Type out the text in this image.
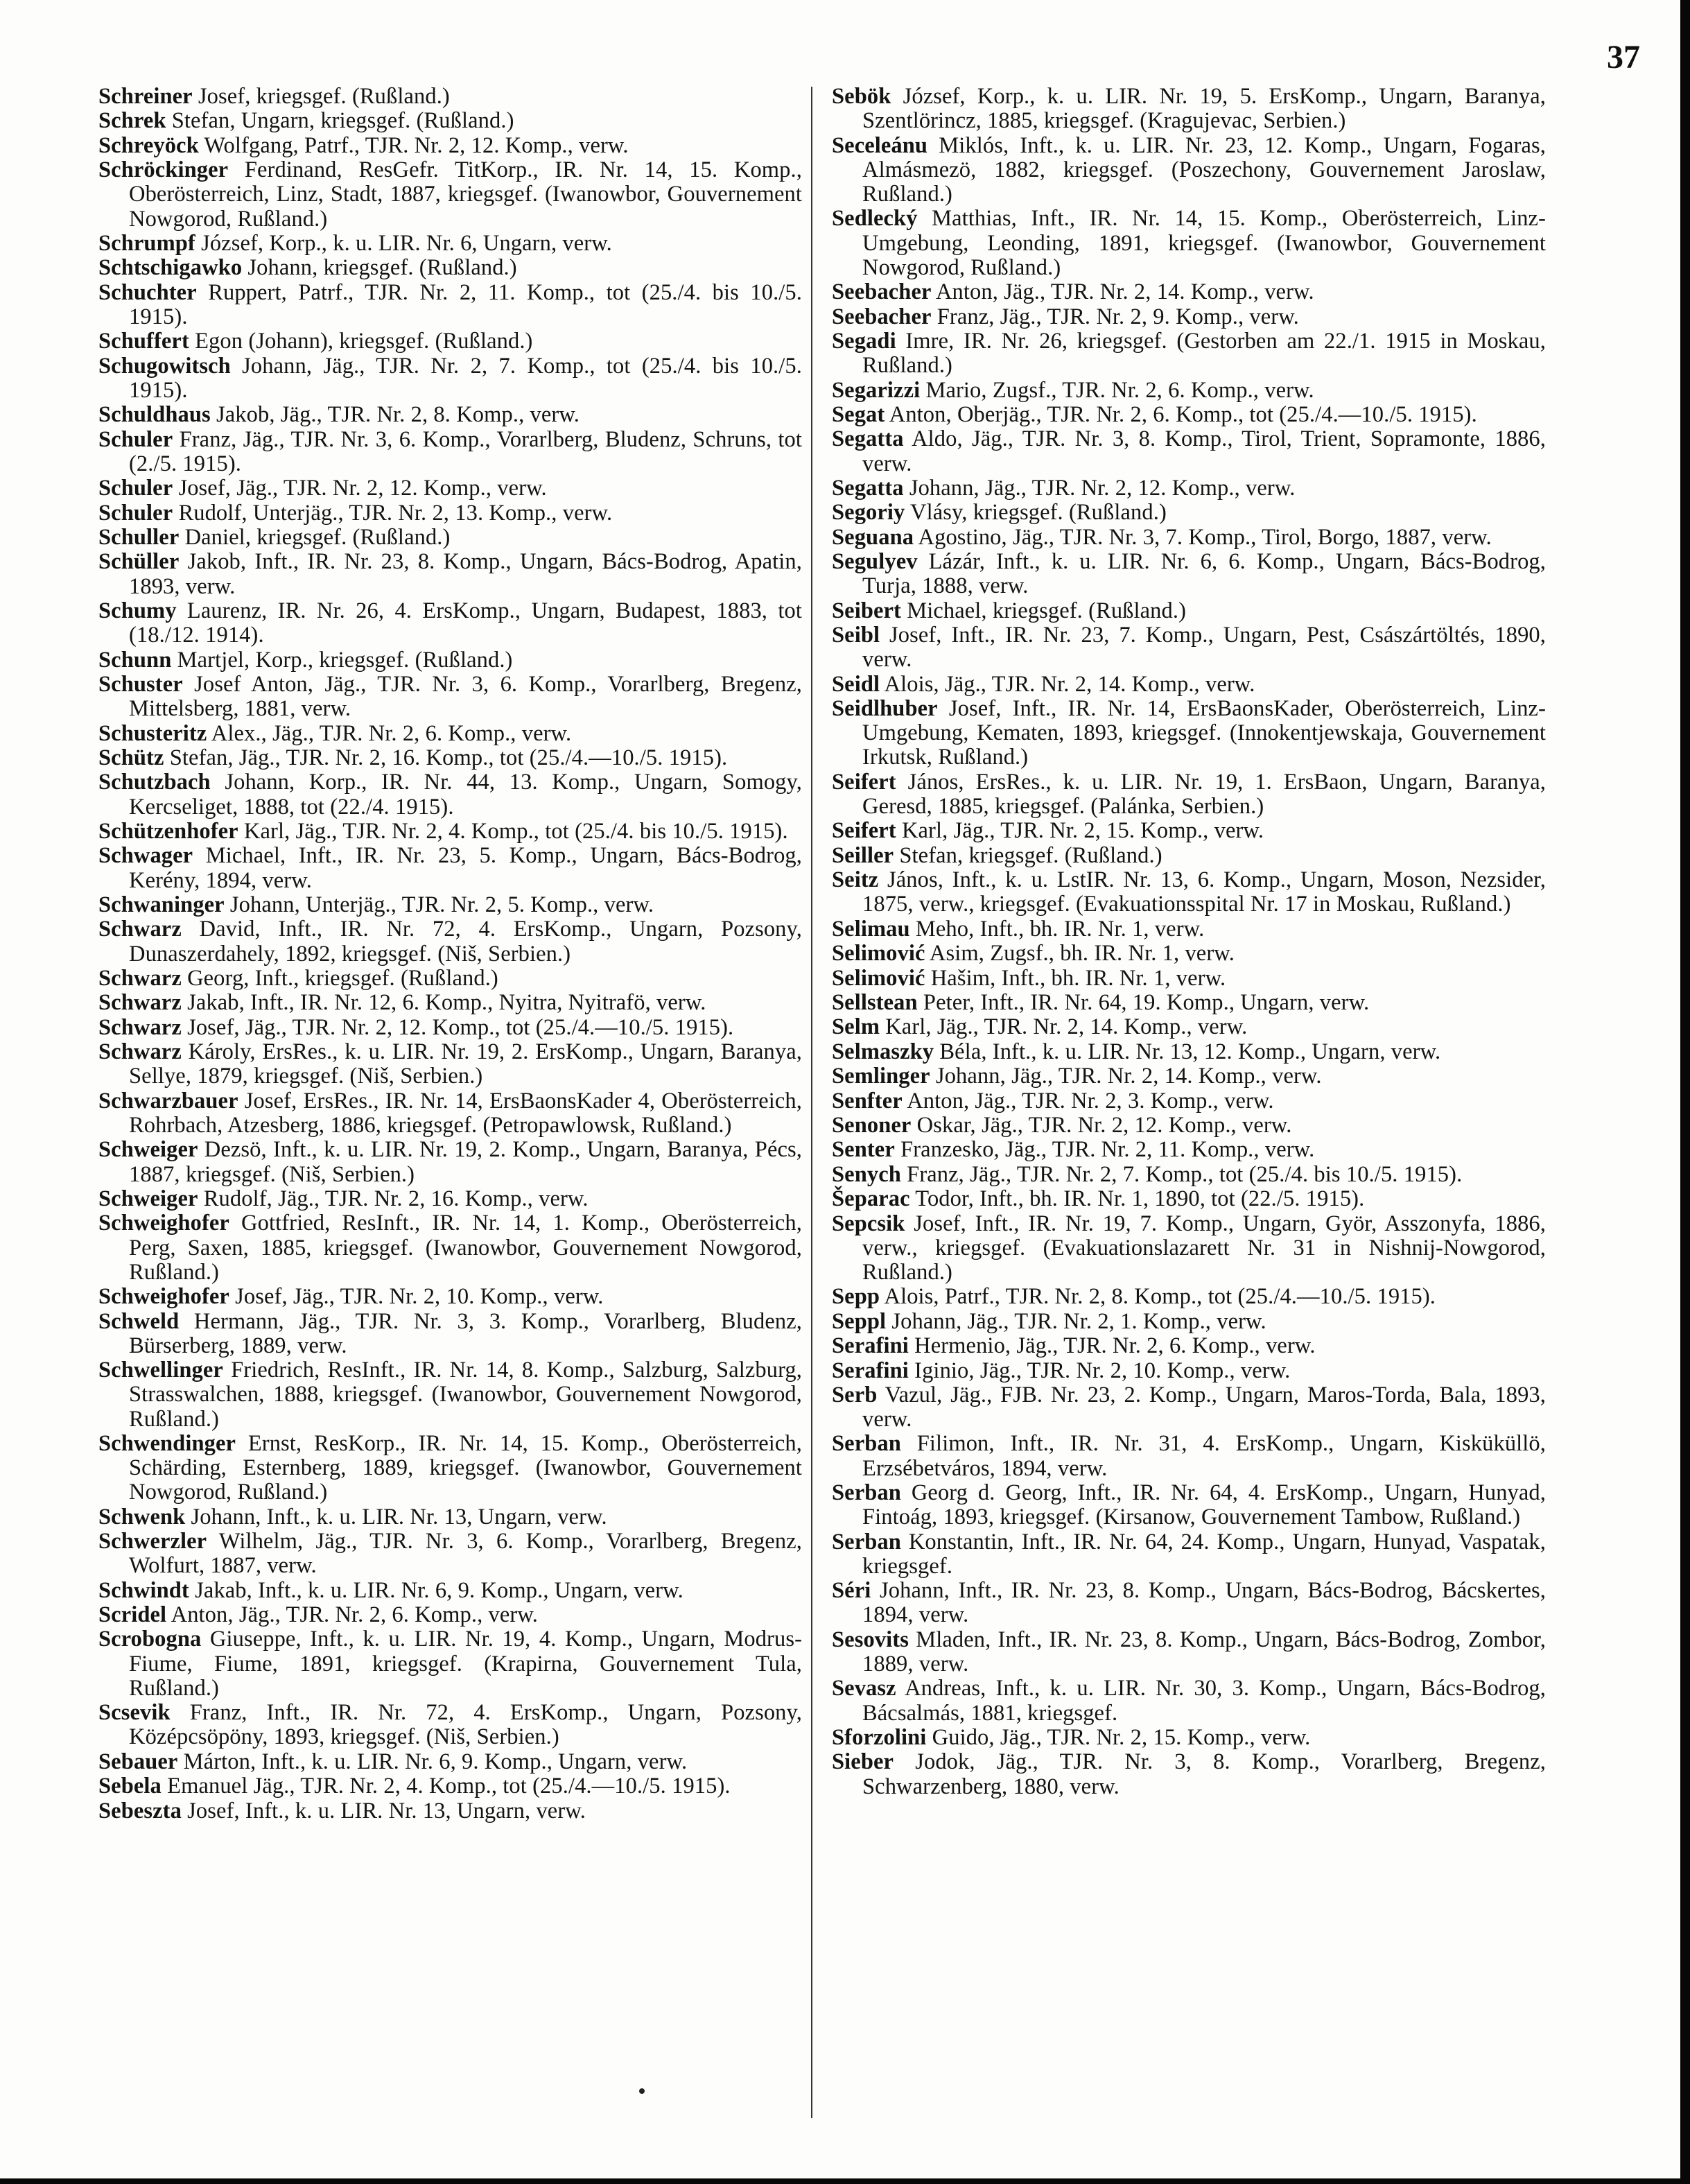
37

Schreiner Josef, kriegsgef. (Rußland.)

Schrek Stefan, Ungarn, kriegsgef. (Rußland.)

Schreyöck Wolfgang, Patrf., TJR. Nr. 2, 12. Komp., verw.

Schröckinger Ferdinand, ResGefr. TitKorp., IR. Nr. 14, 15. Komp., Oberösterreich, Linz, Stadt, 1887, kriegsgef. (Iwanowbor, Gouvernement Nowgorod, Rußland.)

Schrumpf József, Korp., k. u. LIR. Nr. 6, Ungarn, verw.

Schtschigawko Johann, kriegsgef. (Rußland.)

Schuchter Ruppert, Patrf., TJR. Nr. 2, 11. Komp., tot (25./4. bis 10./5. 1915).

Schuffert Egon (Johann), kriegsgef. (Rußland.)

Schugowitsch Johann, Jäg., TJR. Nr. 2, 7. Komp., tot (25./4. bis 10./5. 1915).

Schuldhaus Jakob, Jäg., TJR. Nr. 2, 8. Komp., verw.

Schuler Franz, Jäg., TJR. Nr. 3, 6. Komp., Vorarlberg, Bludenz, Schruns, tot (2./5. 1915).

Schuler Josef, Jäg., TJR. Nr. 2, 12. Komp., verw.

Schuler Rudolf, Unterjäg., TJR. Nr. 2, 13. Komp., verw.

Schuller Daniel, kriegsgef. (Rußland.)

Schüller Jakob, Inft., IR. Nr. 23, 8. Komp., Ungarn, Bács-Bodrog, Apatin, 1893, verw.

Schumy Laurenz, IR. Nr. 26, 4. ErsKomp., Ungarn, Budapest, 1883, tot (18./12. 1914).

Schunn Martjel, Korp., kriegsgef. (Rußland.)

Schuster Josef Anton, Jäg., TJR. Nr. 3, 6. Komp., Vorarlberg, Bregenz, Mittelsberg, 1881, verw.

Schusteritz Alex., Jäg., TJR. Nr. 2, 6. Komp., verw.

Schütz Stefan, Jäg., TJR. Nr. 2, 16. Komp., tot (25./4.—10./5. 1915).

Schutzbach Johann, Korp., IR. Nr. 44, 13. Komp., Ungarn, Somogy, Kercseliget, 1888, tot (22./4. 1915).

Schützenhofer Karl, Jäg., TJR. Nr. 2, 4. Komp., tot (25./4. bis 10./5. 1915).

Schwager Michael, Inft., IR. Nr. 23, 5. Komp., Ungarn, Bács-Bodrog, Kerény, 1894, verw.

Schwaninger Johann, Unterjäg., TJR. Nr. 2, 5. Komp., verw.

Schwarz David, Inft., IR. Nr. 72, 4. ErsKomp., Ungarn, Pozsony, Dunaszerdahely, 1892, kriegsgef. (Niš, Serbien.)

Schwarz Georg, Inft., kriegsgef. (Rußland.)

Schwarz Jakab, Inft., IR. Nr. 12, 6. Komp., Nyitra, Nyitrafö, verw.

Schwarz Josef, Jäg., TJR. Nr. 2, 12. Komp., tot (25./4.—10./5. 1915).

Schwarz Károly, ErsRes., k. u. LIR. Nr. 19, 2. ErsKomp., Ungarn, Baranya, Sellye, 1879, kriegsgef. (Niš, Serbien.)

Schwarzbauer Josef, ErsRes., IR. Nr. 14, ErsBaonsKader 4, Oberösterreich, Rohrbach, Atzesberg, 1886, kriegsgef. (Petropawlowsk, Rußland.)

Schweiger Dezsö, Inft., k. u. LIR. Nr. 19, 2. Komp., Ungarn, Baranya, Pécs, 1887, kriegsgef. (Niš, Serbien.)

Schweiger Rudolf, Jäg., TJR. Nr. 2, 16. Komp., verw.

Schweighofer Gottfried, ResInft., IR. Nr. 14, 1. Komp., Oberösterreich, Perg, Saxen, 1885, kriegsgef. (Iwanowbor, Gouvernement Nowgorod, Rußland.)

Schweighofer Josef, Jäg., TJR. Nr. 2, 10. Komp., verw.

Schweld Hermann, Jäg., TJR. Nr. 3, 3. Komp., Vorarlberg, Bludenz, Bürserberg, 1889, verw.

Schwellinger Friedrich, ResInft., IR. Nr. 14, 8. Komp., Salzburg, Salzburg, Strasswalchen, 1888, kriegsgef. (Iwanowbor, Gouvernement Nowgorod, Rußland.)

Schwendinger Ernst, ResKorp., IR. Nr. 14, 15. Komp., Oberösterreich, Schärding, Esternberg, 1889, kriegsgef. (Iwanowbor, Gouvernement Nowgorod, Rußland.)

Schwenk Johann, Inft., k. u. LIR. Nr. 13, Ungarn, verw.

Schwerzler Wilhelm, Jäg., TJR. Nr. 3, 6. Komp., Vorarlberg, Bregenz, Wolfurt, 1887, verw.

Schwindt Jakab, Inft., k. u. LIR. Nr. 6, 9. Komp., Ungarn, verw.

Scridel Anton, Jäg., TJR. Nr. 2, 6. Komp., verw.

Scrobogna Giuseppe, Inft., k. u. LIR. Nr. 19, 4. Komp., Ungarn, Modrus-Fiume, Fiume, 1891, kriegsgef. (Krapirna, Gouvernement Tula, Rußland.)

Scsevik Franz, Inft., IR. Nr. 72, 4. ErsKomp., Ungarn, Pozsony, Középcsöpöny, 1893, kriegsgef. (Niš, Serbien.)

Sebauer Márton, Inft., k. u. LIR. Nr. 6, 9. Komp., Ungarn, verw.

Sebela Emanuel Jäg., TJR. Nr. 2, 4. Komp., tot (25./4.—10./5. 1915).

Sebeszta Josef, Inft., k. u. LIR. Nr. 13, Ungarn, verw.

Sebök József, Korp., k. u. LIR. Nr. 19, 5. ErsKomp., Ungarn, Baranya, Szentlörincz, 1885, kriegsgef. (Kragujevac, Serbien.)

Seceleánu Miklós, Inft., k. u. LIR. Nr. 23, 12. Komp., Ungarn, Fogaras, Almásmezö, 1882, kriegsgef. (Poszechony, Gouvernement Jaroslaw, Rußland.)

Sedlecký Matthias, Inft., IR. Nr. 14, 15. Komp., Oberösterreich, Linz-Umgebung, Leonding, 1891, kriegsgef. (Iwanowbor, Gouvernement Nowgorod, Rußland.)

Seebacher Anton, Jäg., TJR. Nr. 2, 14. Komp., verw.

Seebacher Franz, Jäg., TJR. Nr. 2, 9. Komp., verw.

Segadi Imre, IR. Nr. 26, kriegsgef. (Gestorben am 22./1. 1915 in Moskau, Rußland.)

Segarizzi Mario, Zugsf., TJR. Nr. 2, 6. Komp., verw.

Segat Anton, Oberjäg., TJR. Nr. 2, 6. Komp., tot (25./4.—10./5. 1915).

Segatta Aldo, Jäg., TJR. Nr. 3, 8. Komp., Tirol, Trient, Sopramonte, 1886, verw.

Segatta Johann, Jäg., TJR. Nr. 2, 12. Komp., verw.

Segoriy Vlásy, kriegsgef. (Rußland.)

Seguana Agostino, Jäg., TJR. Nr. 3, 7. Komp., Tirol, Borgo, 1887, verw.

Segulyev Lázár, Inft., k. u. LIR. Nr. 6, 6. Komp., Ungarn, Bács-Bodrog, Turja, 1888, verw.

Seibert Michael, kriegsgef. (Rußland.)

Seibl Josef, Inft., IR. Nr. 23, 7. Komp., Ungarn, Pest, Császártöltés, 1890, verw.

Seidl Alois, Jäg., TJR. Nr. 2, 14. Komp., verw.

Seidlhuber Josef, Inft., IR. Nr. 14, ErsBaonsKader, Oberösterreich, Linz-Umgebung, Kematen, 1893, kriegsgef. (Innokentjewskaja, Gouvernement Irkutsk, Rußland.)

Seifert János, ErsRes., k. u. LIR. Nr. 19, 1. ErsBaon, Ungarn, Baranya, Geresd, 1885, kriegsgef. (Palánka, Serbien.)

Seifert Karl, Jäg., TJR. Nr. 2, 15. Komp., verw.

Seiller Stefan, kriegsgef. (Rußland.)

Seitz János, Inft., k. u. LstIR. Nr. 13, 6. Komp., Ungarn, Moson, Nezsider, 1875, verw., kriegsgef. (Evakuationsspital Nr. 17 in Moskau, Rußland.)

Selimau Meho, Inft., bh. IR. Nr. 1, verw.

Selimović Asim, Zugsf., bh. IR. Nr. 1, verw.

Selimović Hašim, Inft., bh. IR. Nr. 1, verw.

Sellstean Peter, Inft., IR. Nr. 64, 19. Komp., Ungarn, verw.

Selm Karl, Jäg., TJR. Nr. 2, 14. Komp., verw.

Selmaszky Béla, Inft., k. u. LIR. Nr. 13, 12. Komp., Ungarn, verw.

Semlinger Johann, Jäg., TJR. Nr. 2, 14. Komp., verw.

Senfter Anton, Jäg., TJR. Nr. 2, 3. Komp., verw.

Senoner Oskar, Jäg., TJR. Nr. 2, 12. Komp., verw.

Senter Franzesko, Jäg., TJR. Nr. 2, 11. Komp., verw.

Senych Franz, Jäg., TJR. Nr. 2, 7. Komp., tot (25./4. bis 10./5. 1915).

Šeparac Todor, Inft., bh. IR. Nr. 1, 1890, tot (22./5. 1915).

Sepcsik Josef, Inft., IR. Nr. 19, 7. Komp., Ungarn, Györ, Asszonyfa, 1886, verw., kriegsgef. (Evakuationslazarett Nr. 31 in Nishnij-Nowgorod, Rußland.)

Sepp Alois, Patrf., TJR. Nr. 2, 8. Komp., tot (25./4.—10./5. 1915).

Seppl Johann, Jäg., TJR. Nr. 2, 1. Komp., verw.

Serafini Hermenio, Jäg., TJR. Nr. 2, 6. Komp., verw.

Serafini Iginio, Jäg., TJR. Nr. 2, 10. Komp., verw.

Serb Vazul, Jäg., FJB. Nr. 23, 2. Komp., Ungarn, Maros-Torda, Bala, 1893, verw.

Serban Filimon, Inft., IR. Nr. 31, 4. ErsKomp., Ungarn, Kisküküllö, Erzsébetváros, 1894, verw.

Serban Georg d. Georg, Inft., IR. Nr. 64, 4. ErsKomp., Ungarn, Hunyad, Fintoág, 1893, kriegsgef. (Kirsanow, Gouvernement Tambow, Rußland.)

Serban Konstantin, Inft., IR. Nr. 64, 24. Komp., Ungarn, Hunyad, Vaspatak, kriegsgef.

Séri Johann, Inft., IR. Nr. 23, 8. Komp., Ungarn, Bács-Bodrog, Bácskertes, 1894, verw.

Sesovits Mladen, Inft., IR. Nr. 23, 8. Komp., Ungarn, Bács-Bodrog, Zombor, 1889, verw.

Sevasz Andreas, Inft., k. u. LIR. Nr. 30, 3. Komp., Ungarn, Bács-Bodrog, Bácsalmás, 1881, kriegsgef.

Sforzolini Guido, Jäg., TJR. Nr. 2, 15. Komp., verw.

Sieber Jodok, Jäg., TJR. Nr. 3, 8. Komp., Vorarlberg, Bregenz, Schwarzenberg, 1880, verw.
